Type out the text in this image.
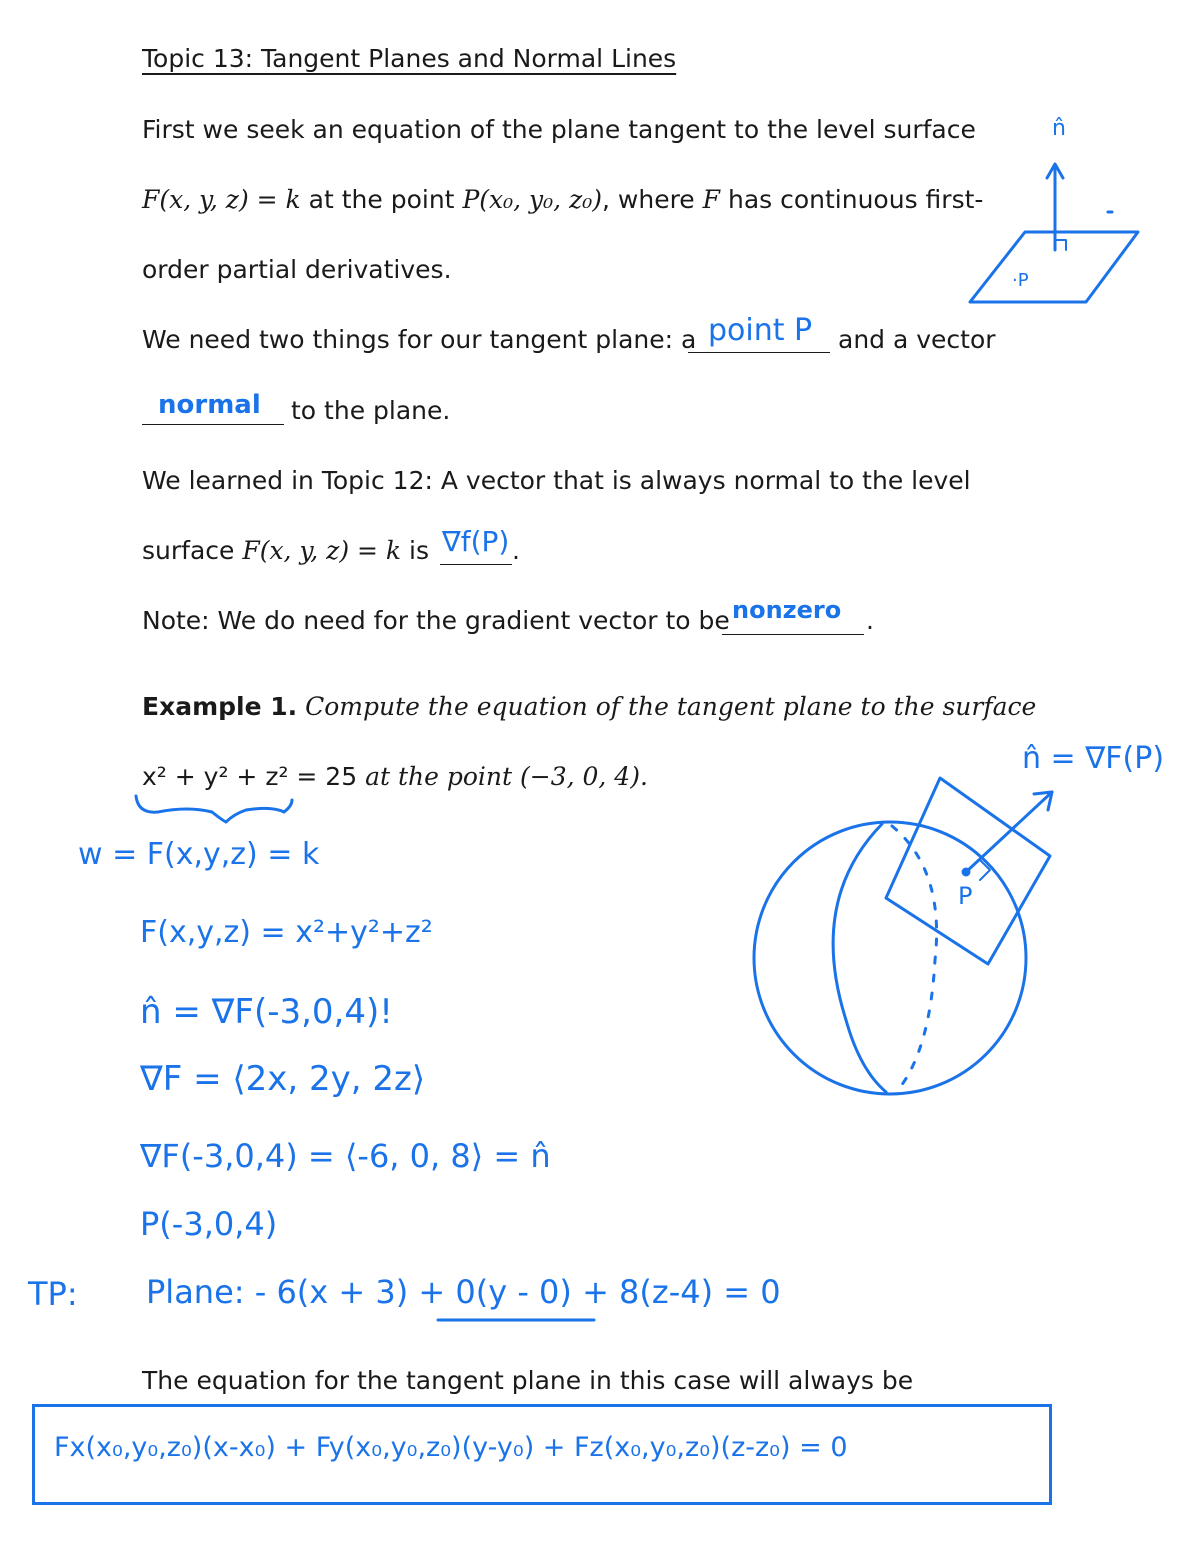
Topic 13: Tangent Planes and Normal Lines
First we seek an equation of the plane tangent to the level surface
F(x, y, z) = k at the point P(x₀, y₀, z₀), where F has continuous first-
order partial derivatives.
We need two things for our tangent plane: a	and a vector
to the plane.
We learned in Topic 12: A vector that is always normal to the level
surface F(x, y, z) = k is	.
Note: We do need for the gradient vector to be	.
Example 1. Compute the equation of the tangent plane to the surface
x² + y² + z² = 25 at the point (−3, 0, 4).
The equation for the tangent plane in this case will always be
point P
normal
∇f(P)
nonzero
w = F(x,y,z) = k
F(x,y,z) = x²+y²+z²
n̂ = ∇F(-3,0,4)!
∇F = ⟨2x, 2y, 2z⟩
∇F(-3,0,4) = ⟨-6, 0, 8⟩ = n̂
P(-3,0,4)
TP: Plane: - 6(x + 3) + 0(y - 0) + 8(z-4) = 0
Fx(x₀,y₀,z₀)(x-x₀) + Fy(x₀,y₀,z₀)(y-y₀) + Fz(x₀,y₀,z₀)(z-z₀) = 0
n̂
·P
n̂ = ∇F(P)
P
